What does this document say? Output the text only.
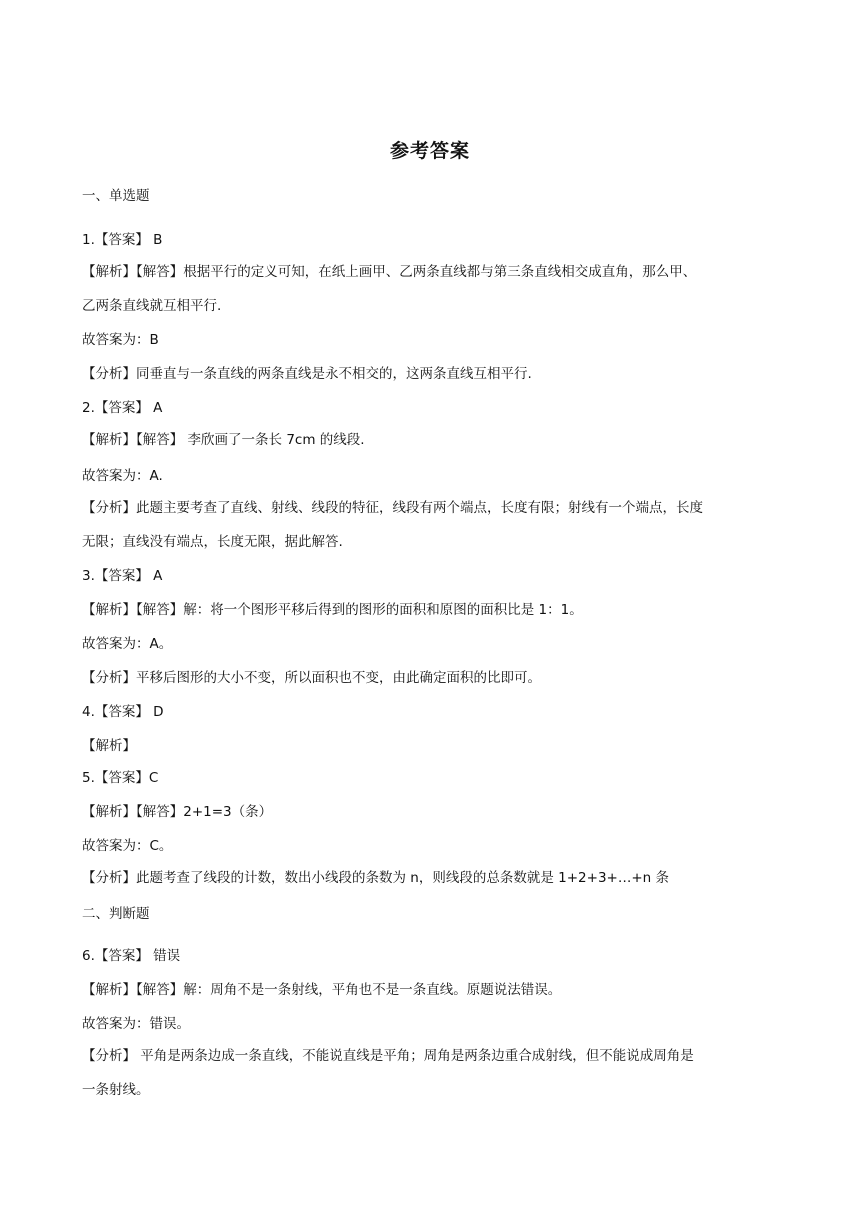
参考答案
一、单选题
1.【答案】 B
【解析】【解答】根据平行的定义可知，在纸上画甲、乙两条直线都与第三条直线相交成直角，那么甲、
乙两条直线就互相平行.
故答案为：B
【分析】同垂直与一条直线的两条直线是永不相交的，这两条直线互相平行.
2.【答案】 A
【解析】【解答】 李欣画了一条长 7cm 的线段.
故答案为：A.
【分析】此题主要考查了直线、射线、线段的特征，线段有两个端点，长度有限；射线有一个端点，长度
无限；直线没有端点，长度无限，据此解答.
3.【答案】 A
【解析】【解答】解：将一个图形平移后得到的图形的面积和原图的面积比是 1：1。
故答案为：A。
【分析】平移后图形的大小不变，所以面积也不变，由此确定面积的比即可。
4.【答案】 D
【解析】
5.【答案】C
【解析】【解答】2+1=3（条）
故答案为：C。
【分析】此题考查了线段的计数，数出小线段的条数为 n，则线段的总条数就是 1+2+3+…+n 条
二、判断题
6.【答案】 错误
【解析】【解答】解：周角不是一条射线，平角也不是一条直线。原题说法错误。
故答案为：错误。
【分析】 平角是两条边成一条直线，不能说直线是平角；周角是两条边重合成射线，但不能说成周角是
一条射线。
